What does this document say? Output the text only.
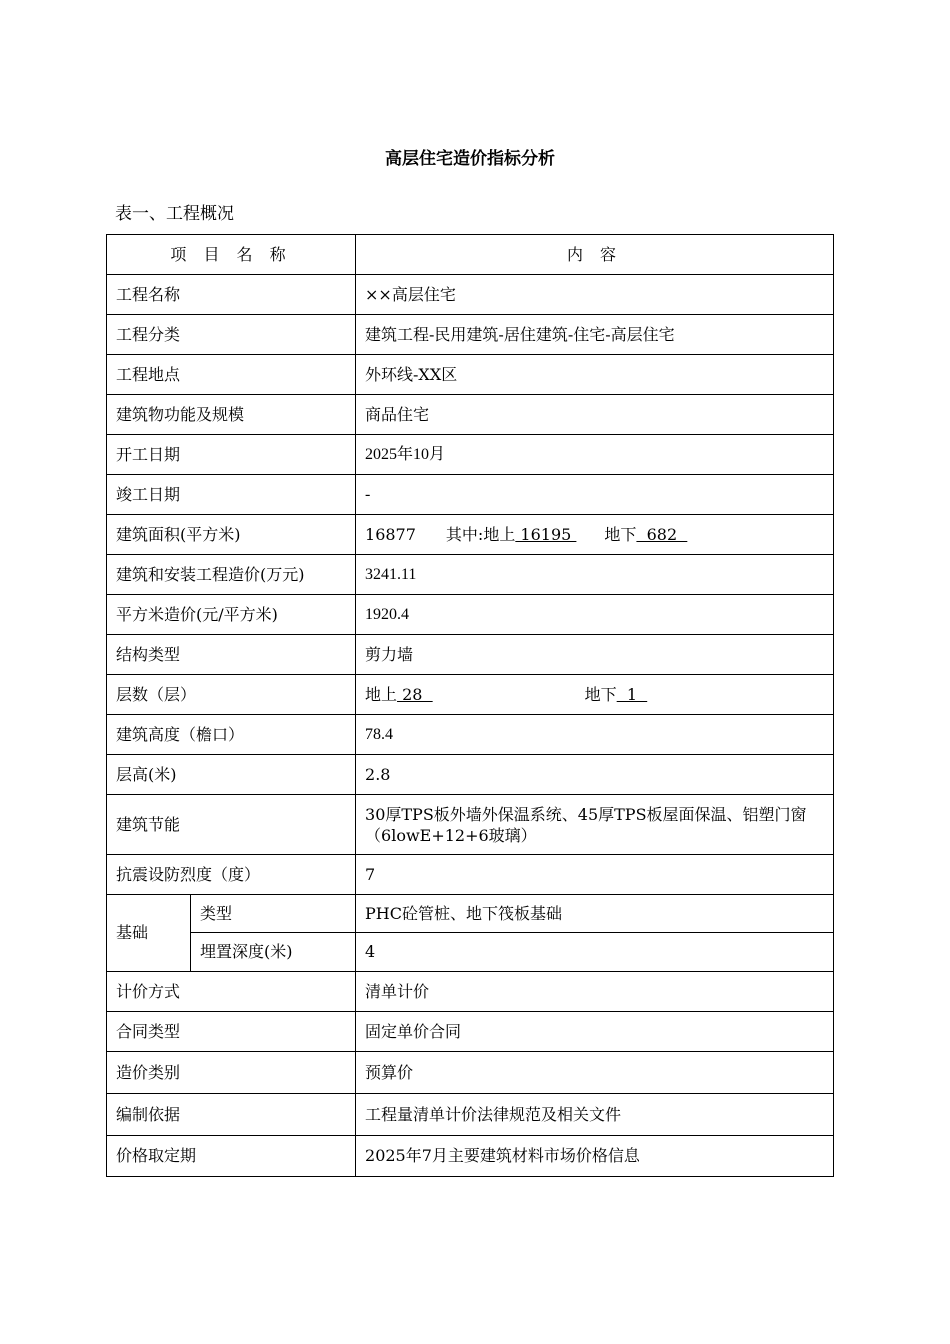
高层住宅造价指标分析
表一、工程概况
项 目 名 称		内 容
工程名称		××高层住宅
工程分类		建筑工程-民用建筑-居住建筑-住宅-高层住宅
工程地点		外环线-XX区
建筑物功能及规模		商品住宅
开工日期		2025年10月
竣工日期		-
建筑面积(平方米)		16877 其中:地上 16195 地下  682
建筑和安装工程造价(万元)		3241.11
平方米造价(元/平方米)		1920.4
结构类型		剪力墙
层数（层）		地上 28 地下  1
建筑高度（檐口）		78.4
层高(米)		2.8
建筑节能		30厚TPS板外墙外保温系统、45厚TPS板屋面保温、铝塑门窗（6lowE+12+6玻璃）
抗震设防烈度（度）		7
基础	类型	PHC砼管桩、地下筏板基础
	埋置深度(米)	4
计价方式		清单计价
合同类型		固定单价合同
造价类别		预算价
编制依据		工程量清单计价法律规范及相关文件
价格取定期		2025年7月主要建筑材料市场价格信息
